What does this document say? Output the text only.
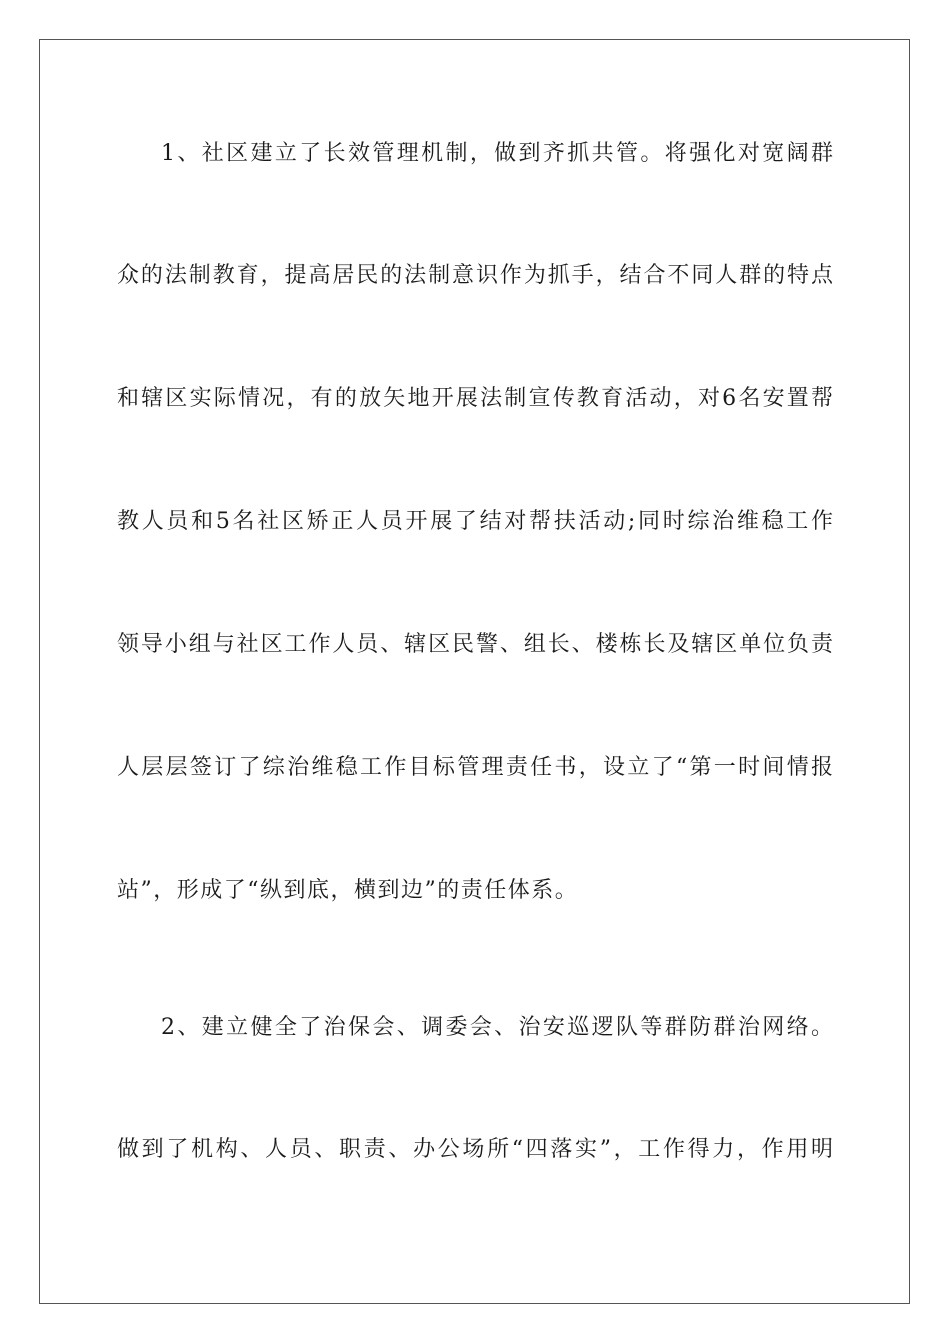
1、社区建立了长效管理机制，做到齐抓共管。将强化对宽阔群
众的法制教育，提高居民的法制意识作为抓手，结合不同人群的特点
和辖区实际情况，有的放矢地开展法制宣传教育活动，对6名安置帮
教人员和5名社区矫正人员开展了结对帮扶活动;同时综治维稳工作
领导小组与社区工作人员、辖区民警、组长、楼栋长及辖区单位负责
人层层签订了综治维稳工作目标管理责任书，设立了“第一时间情报
站”，形成了“纵到底，横到边”的责任体系。
2、建立健全了治保会、调委会、治安巡逻队等群防群治网络。
做到了机构、人员、职责、办公场所“四落实”，工作得力，作用明
